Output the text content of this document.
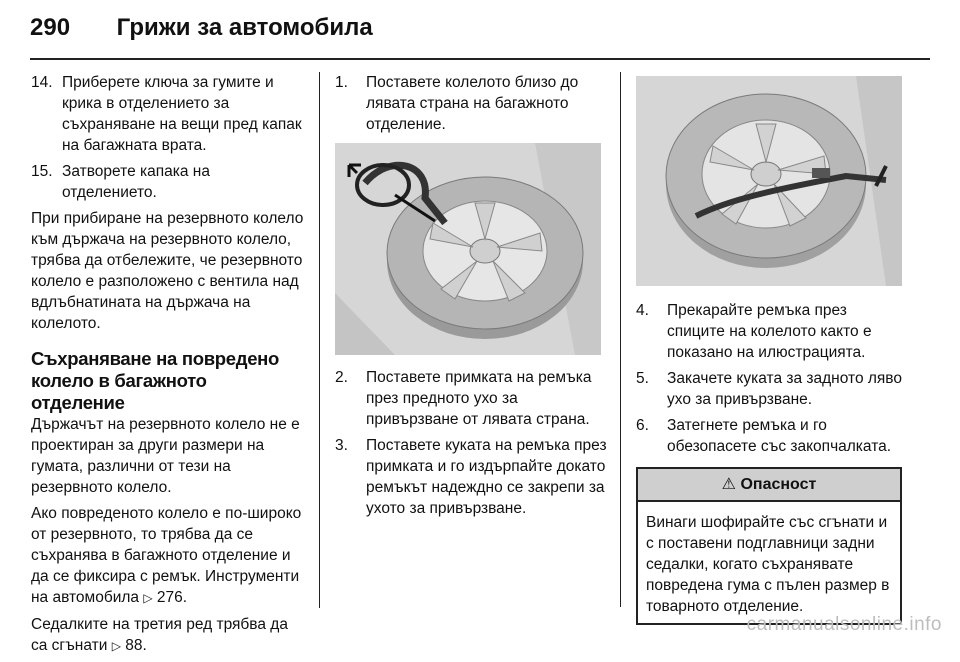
290 Грижи за автомобила
14. Приберете ключа за гумите и крика в отделението за съхраняване на вещи пред капак на багажната врата.
15. Затворете капака на отделението.

При прибиране на резервното колело към държача на резервното колело, трябва да отбележите, че резервното колело е разположено с вентила над вдлъбнатината на държача на колелото.

Съхраняване на повредено
колело в багажното
отделение

Държачът на резервното колело не е проектиран за други размери на гумата, различни от тези на резервното колело.

Ако повреденото колело е по-широко от резервното, то трябва да се съхранява в багажното отделение и да се фиксира с ремък. Инструменти на автомобила ▷ 276.

Седалките на третия ред трябва да са сгънати ▷ 88.

1.	Поставете колелото близо до лявата страна на багажното отделение.
2.	Поставете примката на ремъка през предното ухо за привързване от лявата страна.
3.	Поставете куката на ремъка през примката и го издърпайте докато ремъкът надеждно се закрепи за ухото за привързване.
4.	Прекарайте ремъка през спиците на колелото както е показано на илюстрацията.
5.	Закачете куката за задното ляво ухо за привързване.
6.	Затегнете ремъка и го обезопасете със закопчалката.
⚠ Опасност
Винаги шофирайте със сгънати и с поставени подглавници задни седалки, когато съхранявате повредена гума с пълен размер в товарното отделение.
carmanualsonline.info
